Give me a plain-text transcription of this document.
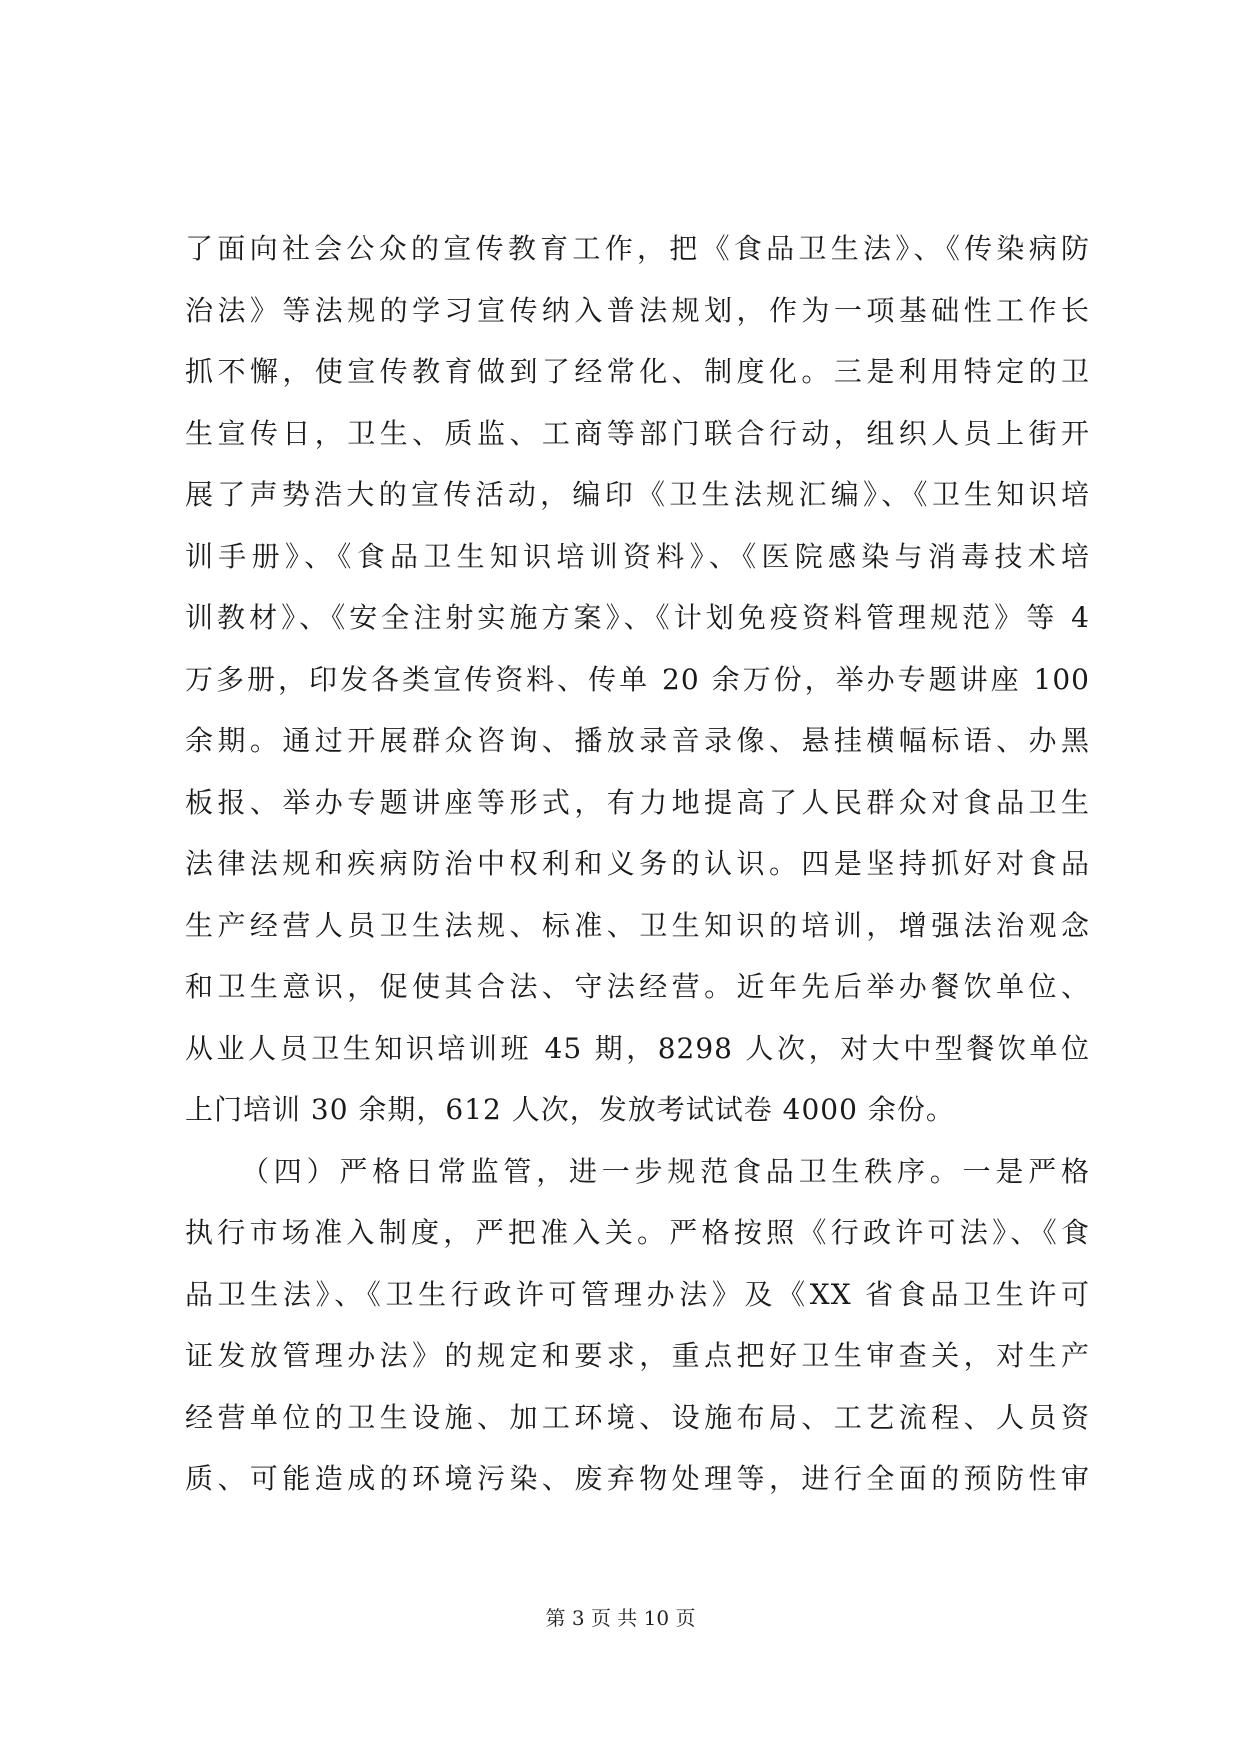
了面向社会公众的宣传教育工作，把《食品卫生法》、《传染病防
治法》等法规的学习宣传纳入普法规划，作为一项基础性工作长
抓不懈，使宣传教育做到了经常化、制度化。三是利用特定的卫
生宣传日，卫生、质监、工商等部门联合行动，组织人员上街开
展了声势浩大的宣传活动，编印《卫生法规汇编》、《卫生知识培
训手册》、《食品卫生知识培训资料》、《医院感染与消毒技术培
训教材》、《安全注射实施方案》、《计划免疫资料管理规范》等 4
万多册，印发各类宣传资料、传单 20 余万份，举办专题讲座 100
余期。通过开展群众咨询、播放录音录像、悬挂横幅标语、办黑
板报、举办专题讲座等形式，有力地提高了人民群众对食品卫生
法律法规和疾病防治中权利和义务的认识。四是坚持抓好对食品
生产经营人员卫生法规、标准、卫生知识的培训，增强法治观念
和卫生意识，促使其合法、守法经营。近年先后举办餐饮单位、
从业人员卫生知识培训班 45 期，8298 人次，对大中型餐饮单位
上门培训 30 余期，612 人次，发放考试试卷 4000 余份。
（四）严格日常监管，进一步规范食品卫生秩序。一是严格
执行市场准入制度，严把准入关。严格按照《行政许可法》、《食
品卫生法》、《卫生行政许可管理办法》及《XX 省食品卫生许可
证发放管理办法》的规定和要求，重点把好卫生审查关，对生产
经营单位的卫生设施、加工环境、设施布局、工艺流程、人员资
质、可能造成的环境污染、废弃物处理等，进行全面的预防性审
第 3 页 共 10 页
